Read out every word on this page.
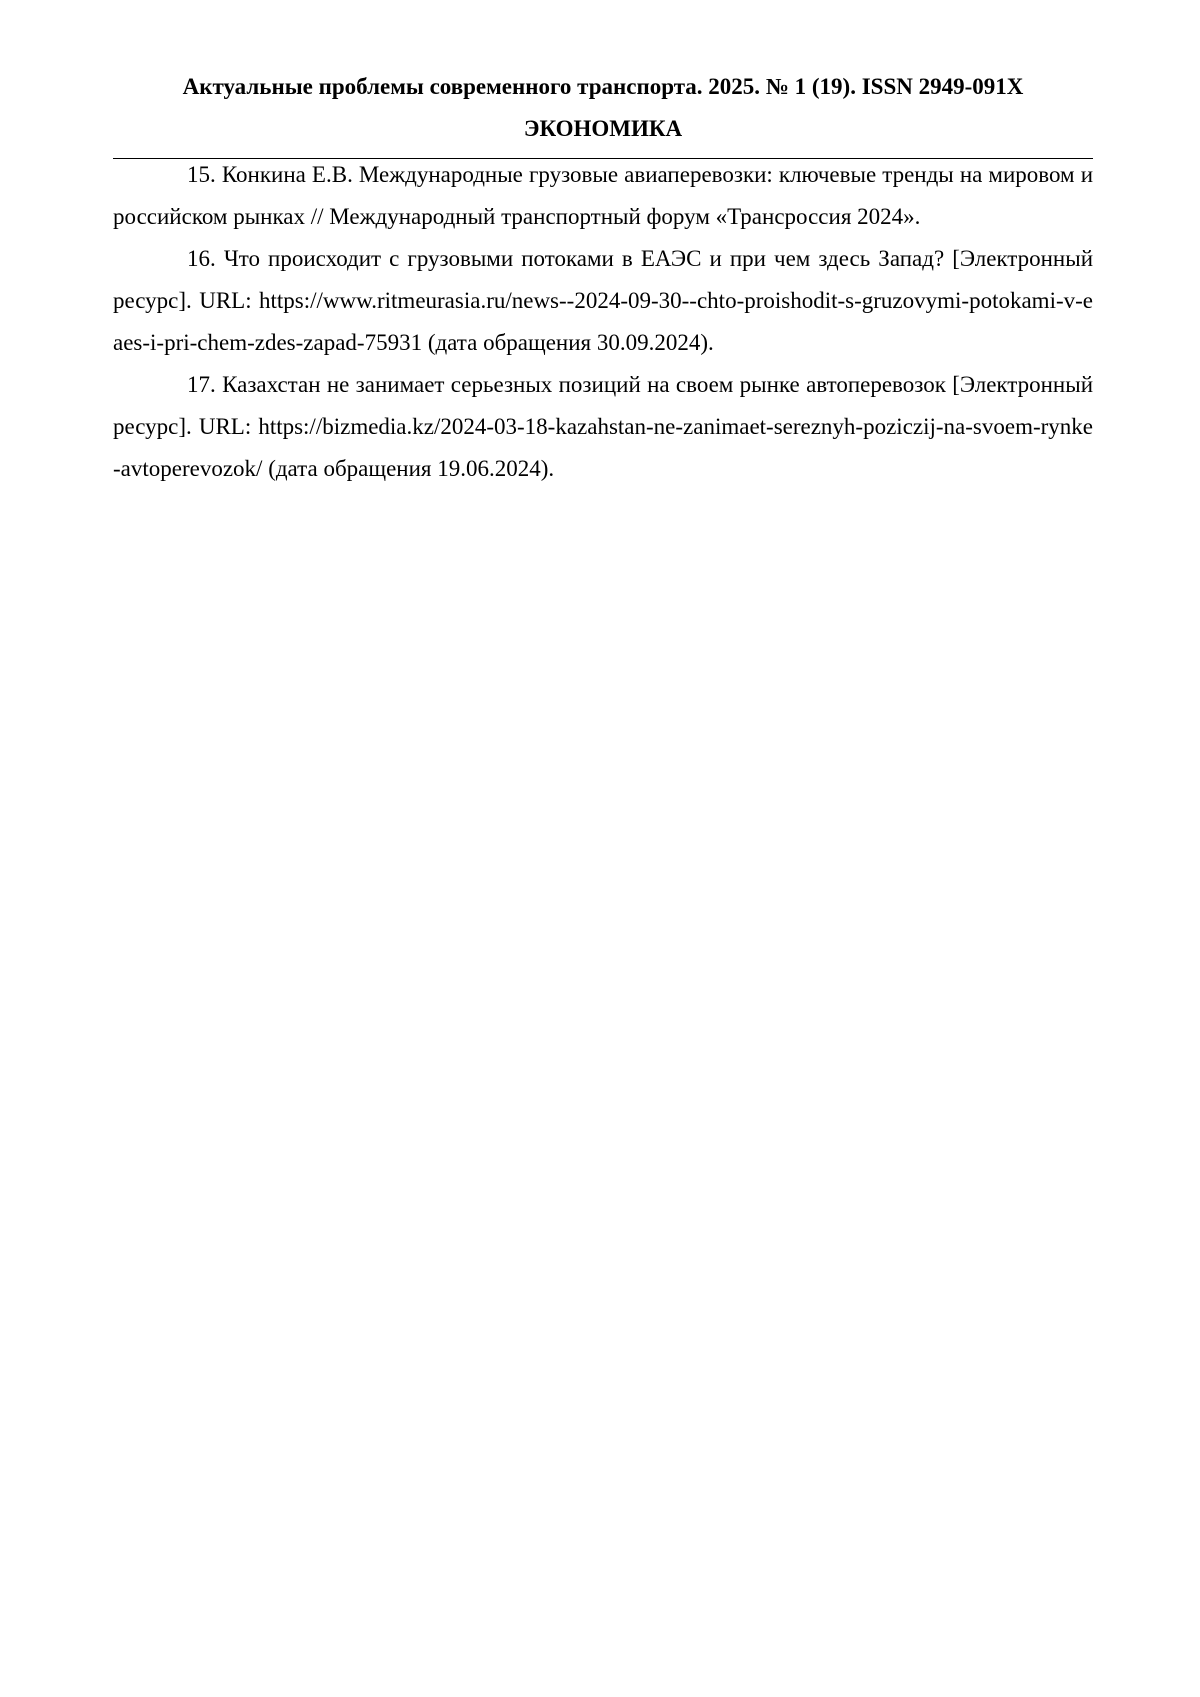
Актуальные проблемы современного транспорта. 2025. № 1 (19). ISSN 2949-091X
ЭКОНОМИКА

15. Конкина Е.В. Международные грузовые авиаперевозки: ключевые тренды на мировом и российском рынках // Международный транспортный форум «Трансроссия 2024».

16. Что происходит с грузовыми потоками в ЕАЭС и при чем здесь Запад? [Электронный ресурс]. URL: https://www.ritmeurasia.ru/news--2024-09-30--chto-proishodit-s-gruzovymi-potokami-v-eaes-i-pri-chem-zdes-zapad-75931 (дата обращения 30.09.2024).

17. Казахстан не занимает серьезных позиций на своем рынке автоперевозок [Электронный ресурс]. URL: https://bizmedia.kz/2024-03-18-kazahstan-ne-zanimaet-sereznyh-poziczij-na-svoem-rynke-avtoperevozok/ (дата обращения 19.06.2024).
